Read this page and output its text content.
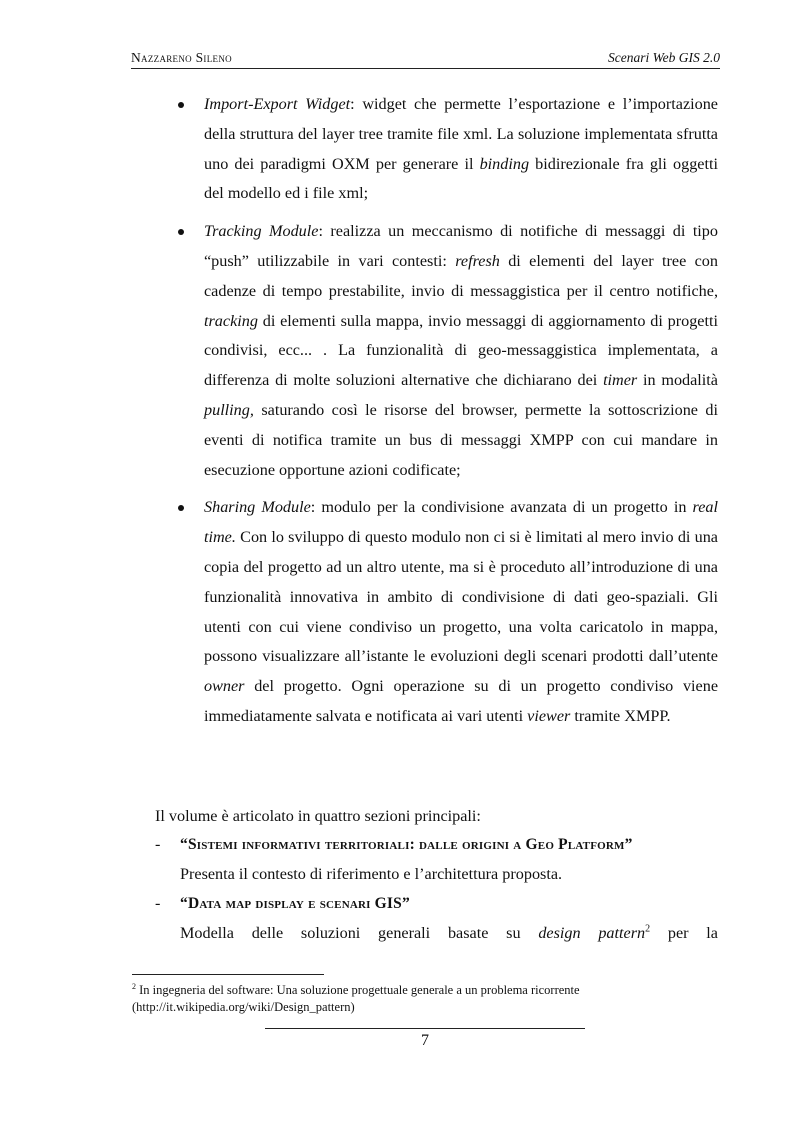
Nazzareno Sileno	Scenari Web GIS 2.0
Import-Export Widget: widget che permette l’esportazione e l’importazione della struttura del layer tree tramite file xml. La soluzione implementata sfrutta uno dei paradigmi OXM per generare il binding bidirezionale fra gli oggetti del modello ed i file xml;
Tracking Module: realizza un meccanismo di notifiche di messaggi di tipo “push” utilizzabile in vari contesti: refresh di elementi del layer tree con cadenze di tempo prestabilite, invio di messaggistica per il centro notifiche, tracking di elementi sulla mappa, invio messaggi di aggiornamento di progetti condivisi, ecc... . La funzionalità di geo-messaggistica implementata, a differenza di molte soluzioni alternative che dichiarano dei timer in modalità pulling, saturando così le risorse del browser, permette la sottoscrizione di eventi di notifica tramite un bus di messaggi XMPP con cui mandare in esecuzione opportune azioni codificate;
Sharing Module: modulo per la condivisione avanzata di un progetto in real time. Con lo sviluppo di questo modulo non ci si è limitati al mero invio di una copia del progetto ad un altro utente, ma si è proceduto all’introduzione di una funzionalità innovativa in ambito di condivisione di dati geo-spaziali. Gli utenti con cui viene condiviso un progetto, una volta caricatolo in mappa, possono visualizzare all’istante le evoluzioni degli scenari prodotti dall’utente owner del progetto. Ogni operazione su di un progetto condiviso viene immediatamente salvata e notificata ai vari utenti viewer tramite XMPP.
Il volume è articolato in quattro sezioni principali:
- “Sistemi informativi territoriali: dalle origini a Geo Platform”
Presenta il contesto di riferimento e l’architettura proposta.
- “Data map display e scenari GIS”
Modella delle soluzioni generali basate su design pattern$^2$ per la
$^2$ In ingegneria del software: Una soluzione progettuale generale a un problema ricorrente
(http://it.wikipedia.org/wiki/Design_pattern)
7
